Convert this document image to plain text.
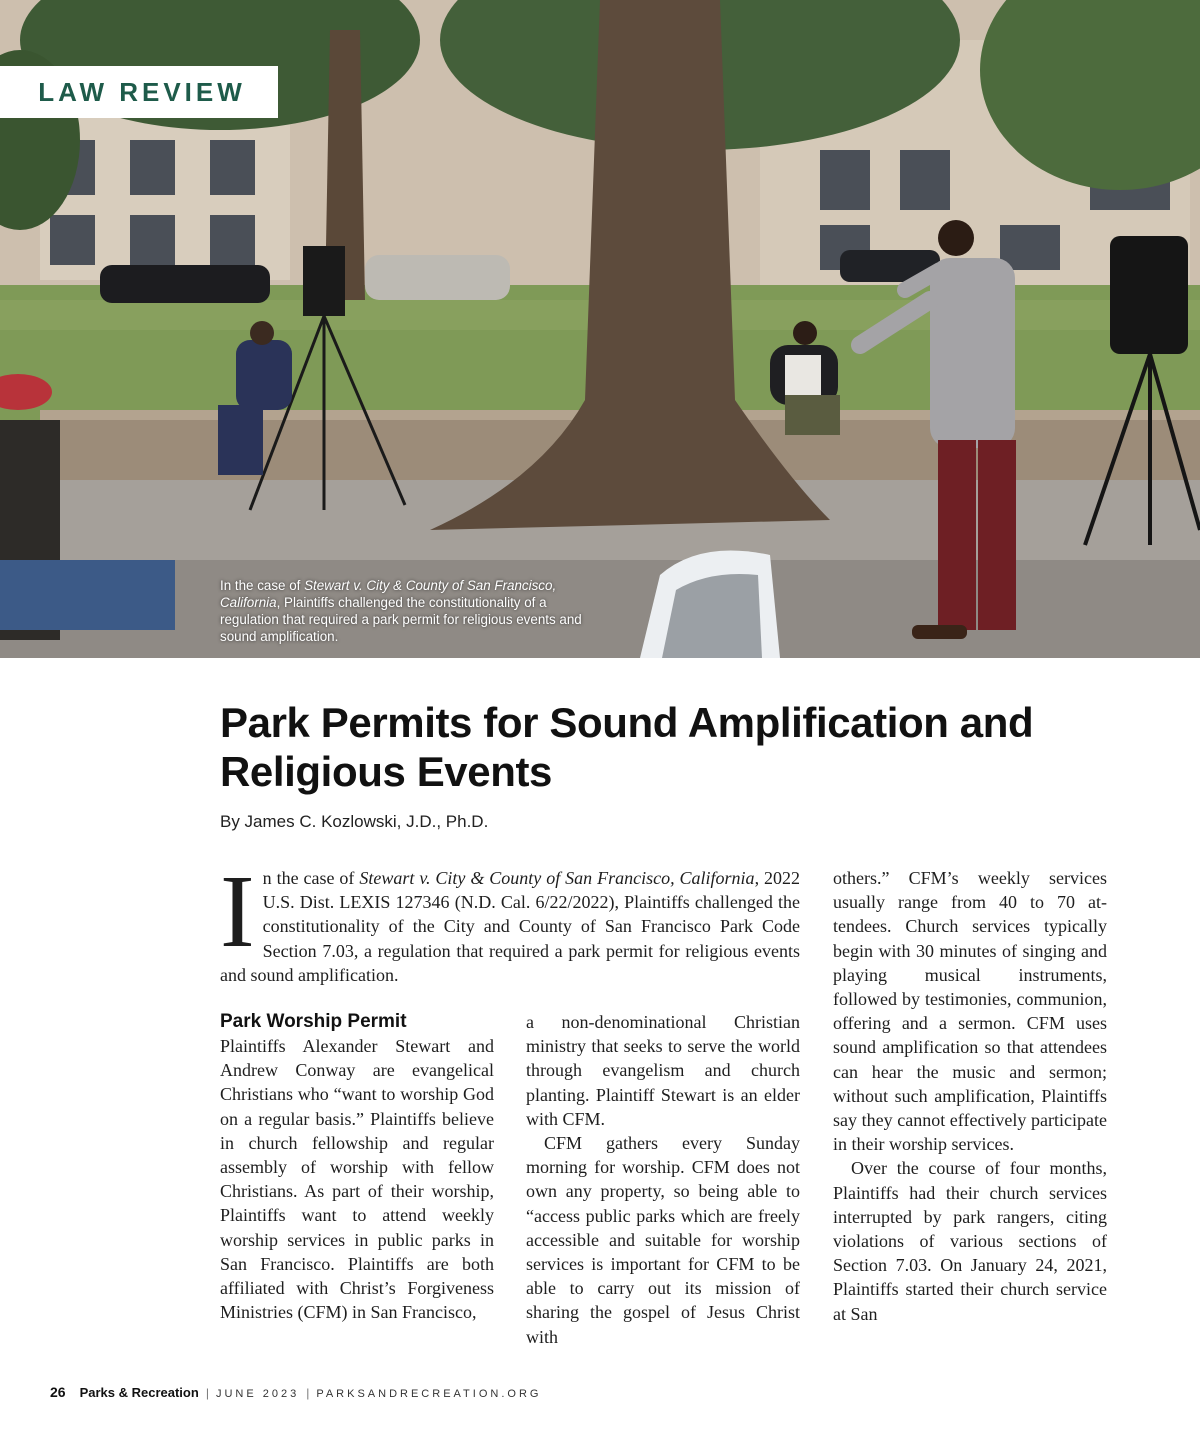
LAW REVIEW
In the case of Stewart v. City & County of San Francisco, California, Plaintiffs challenged the constitutionality of a regulation that required a park permit for religious events and sound amplification.
Park Permits for Sound Amplification and Religious Events
By James C. Kozlowski, J.D., Ph.D.

In the case of Stewart v. City & County of San Francisco, California, 2022 U.S. Dist. LEXIS 127346 (N.D. Cal. 6/22/2022), Plaintiffs challenged the constitutionality of the City and County of San Francisco Park Code Section 7.03, a regulation that required a park permit for religious events and sound amplification.

Park Worship Permit

Plaintiffs Alexander Stewart and Andrew Conway are evangelical Christians who “want to worship God on a regular basis.” Plaintiffs believe in church fellowship and regular assembly of worship with fellow Christians. As part of their worship, Plaintiffs want to attend weekly worship services in public parks in San Francisco. Plaintiffs are both affiliated with Christ’s Forgiveness Ministries (CFM) in San Francisco,

a non-denominational Christian ministry that seeks to serve the world through evangelism and church planting. Plaintiff Stewart is an elder with CFM.

CFM gathers every Sunday morning for worship. CFM does not own any property, so being able to “access public parks which are freely accessible and suitable for worship services is important for CFM to be able to carry out its mission of sharing the gospel of Jesus Christ with

others.” CFM’s weekly services usually range from 40 to 70 attendees. Church services typically begin with 30 minutes of singing and playing musical instruments, followed by testimonies, communion, offering and a sermon. CFM uses sound amplification so that attendees can hear the music and sermon; without such amplification, Plaintiffs say they cannot effectively participate in their worship services.

Over the course of four months, Plaintiffs had their church services interrupted by park rangers, citing violations of various sections of Section 7.03. On January 24, 2021, Plaintiffs started their church service at San

26 Parks & Recreation | JUNE 2023 | PARKSANDRECREATION.ORG
